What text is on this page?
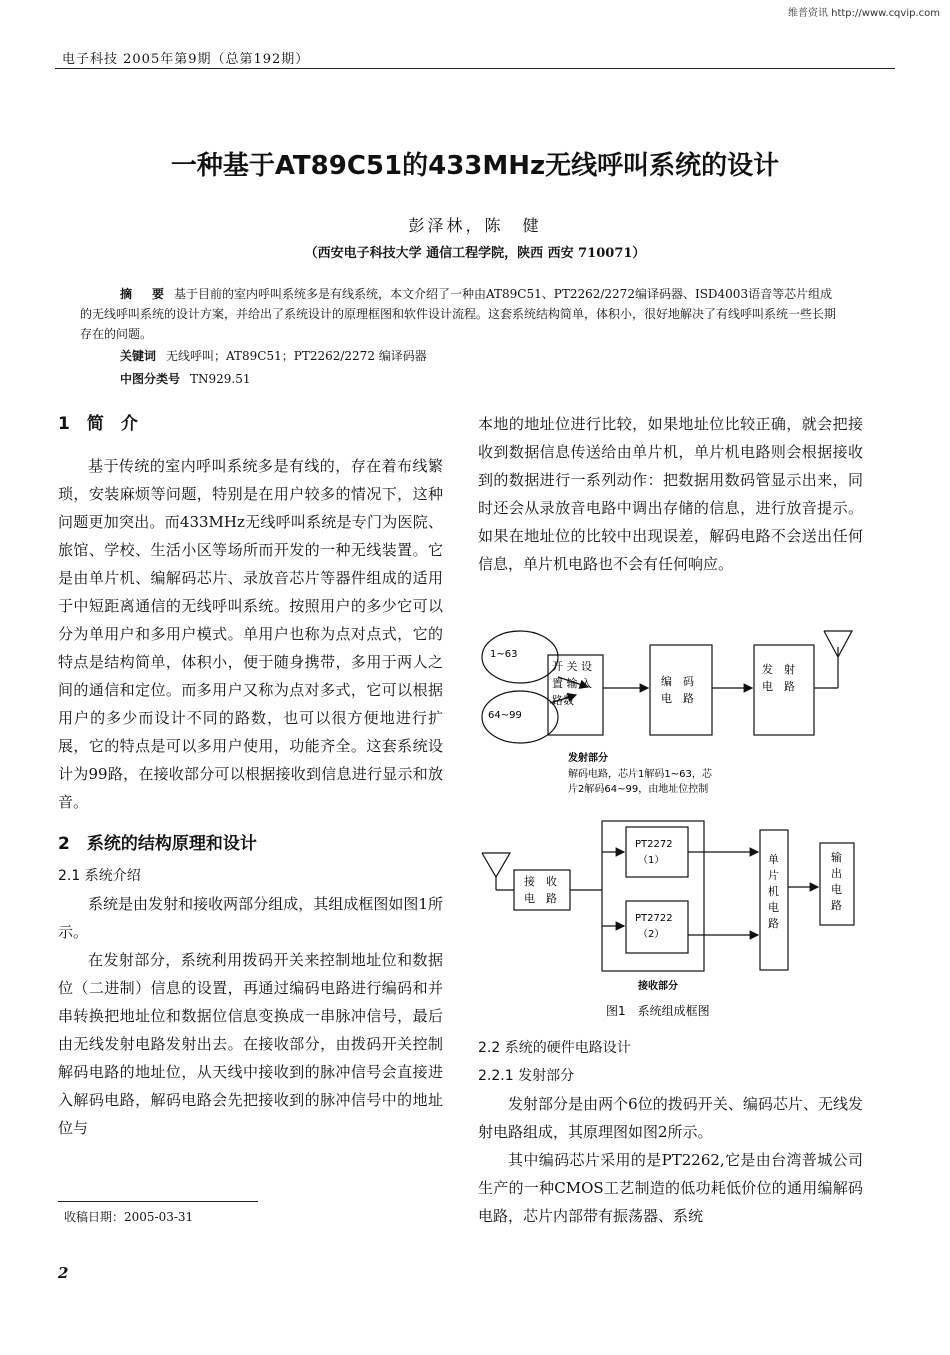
维普资讯 http://www.cqvip.com
电子科技 2005年第9期（总第192期）
一种基于AT89C51的433MHz无线呼叫系统的设计
彭泽林，陈　健
（西安电子科技大学 通信工程学院，陕西 西安 710071）
摘　要 基于目前的室内呼叫系统多是有线系统，本文介绍了一种由AT89C51、PT2262/2272编译码器、ISD4003语音等芯片组成的无线呼叫系统的设计方案，并给出了系统设计的原理框图和软件设计流程。这套系统结构简单，体积小，很好地解决了有线呼叫系统一些长期存在的问题。
关键词 无线呼叫；AT89C51；PT2262/2272 编译码器
中图分类号 TN929.51
1　简　介

基于传统的室内呼叫系统多是有线的，存在着布线繁琐，安装麻烦等问题，特别是在用户较多的情况下，这种问题更加突出。而433MHz无线呼叫系统是专门为医院、旅馆、学校、生活小区等场所而开发的一种无线装置。它是由单片机、编解码芯片、录放音芯片等器件组成的适用于中短距离通信的无线呼叫系统。按照用户的多少它可以分为单用户和多用户模式。单用户也称为点对点式，它的特点是结构简单，体积小，便于随身携带，多用于两人之间的通信和定位。而多用户又称为点对多式，它可以根据用户的多少而设计不同的路数，也可以很方便地进行扩展，它的特点是可以多用户使用，功能齐全。这套系统设计为99路，在接收部分可以根据接收到信息进行显示和放音。

2　系统的结构原理和设计
2.1 系统介绍

系统是由发射和接收两部分组成，其组成框图如图1所示。

在发射部分，系统利用拨码开关来控制地址位和数据位（二进制）信息的设置，再通过编码电路进行编码和并串转换把地址位和数据位信息变换成一串脉冲信号，最后由无线发射电路发射出去。在接收部分，由拨码开关控制解码电路的地址位，从天线中接收到的脉冲信号会直接进入解码电路，解码电路会先把接收到的脉冲信号中的地址位与

本地的地址位进行比较，如果地址位比较正确，就会把接收到数据信息传送给由单片机，单片机电路则会根据接收到的数据进行一系列动作：把数据用数码管显示出来，同时还会从录放音电路中调出存储的信息，进行放音提示。如果在地址位的比较中出现误差，解码电路不会送出任何信息，单片机电路也不会有任何响应。

1~63
64~99
开 关 设
置 输 入
路数
编　码
电　路
发　射
电　路
发射部分
解码电路，芯片1解码1~63，芯
片2解码64~99，由地址位控制
接　收
电　路
PT2272
（1）
PT2722
（2）
单
片
机
电
路
输
出
电
路
接收部分
图1　系统组成框图
2.2 系统的硬件电路设计
2.2.1 发射部分

发射部分是由两个6位的拨码开关、编码芯片、无线发射电路组成，其原理图如图2所示。

其中编码芯片采用的是PT2262,它是由台湾普城公司生产的一种CMOS工艺制造的低功耗低价位的通用编解码电路，芯片内部带有振荡器、系统

收稿日期：2005-03-31
2
